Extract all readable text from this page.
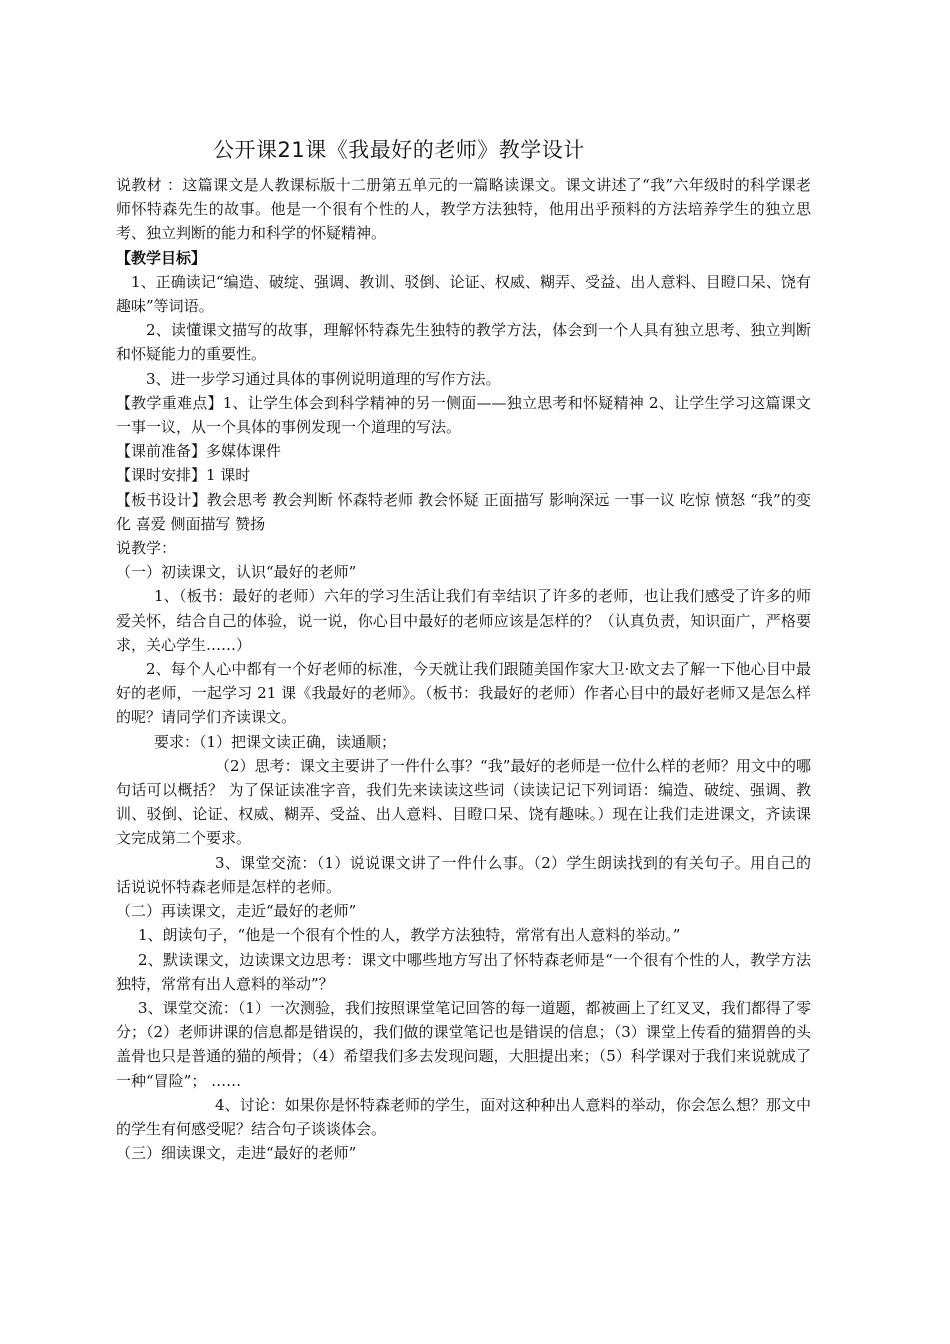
公开课21课《我最好的老师》教学设计

说教材 ：这篇课文是人教课标版十二册第五单元的一篇略读课文。课文讲述了“我”六年级时的科学课老师怀特森先生的故事。他是一个很有个性的人，教学方法独特，他用出乎预料的方法培养学生的独立思考、独立判断的能力和科学的怀疑精神。

【教学目标】

1、正确读记“编造、破绽、强调、教训、驳倒、论证、权威、糊弄、受益、出人意料、目瞪口呆、饶有趣味”等词语。

2、读懂课文描写的故事，理解怀特森先生独特的教学方法，体会到一个人具有独立思考、独立判断和怀疑能力的重要性。

3、进一步学习通过具体的事例说明道理的写作方法。

【教学重难点】1、让学生体会到科学精神的另一侧面——独立思考和怀疑精神 2、让学生学习这篇课文一事一议，从一个具体的事例发现一个道理的写法。

【课前准备】多媒体课件

【课时安排】1 课时

【板书设计】教会思考 教会判断 怀森特老师 教会怀疑 正面描写 影响深远 一事一议 吃惊 愤怒 “我”的变化 喜爱 侧面描写 赞扬

说教学：

（一）初读课文，认识“最好的老师”

1、（板书：最好的老师）六年的学习生活让我们有幸结识了许多的老师，也让我们感受了许多的师爱关怀，结合自己的体验，说一说，你心目中最好的老师应该是怎样的？（认真负责，知识面广，严格要求，关心学生……）

2、每个人心中都有一个好老师的标准，今天就让我们跟随美国作家大卫·欧文去了解一下他心目中最好的老师，一起学习 21 课《我最好的老师》。（板书：我最好的老师）作者心目中的最好老师又是怎么样的呢？请同学们齐读课文。

要求：（1）把课文读正确，读通顺；

（2）思考：课文主要讲了一件什么事？“我”最好的老师是一位什么样的老师？用文中的哪句话可以概括？ 为了保证读准字音，我们先来读读这些词（读读记记下列词语：编造、破绽、强调、教训、驳倒、论证、权威、糊弄、受益、出人意料、目瞪口呆、饶有趣味。）现在让我们走进课文，齐读课文完成第二个要求。

3、课堂交流：（1）说说课文讲了一件什么事。（2）学生朗读找到的有关句子。用自己的话说说怀特森老师是怎样的老师。

（二）再读课文，走近“最好的老师”

1、朗读句子，“他是一个很有个性的人，教学方法独特，常常有出人意料的举动。”

2、默读课文，边读课文边思考：课文中哪些地方写出了怀特森老师是“一个很有个性的人，教学方法独特，常常有出人意料的举动”？

3、课堂交流：（1）一次测验，我们按照课堂笔记回答的每一道题，都被画上了红叉叉，我们都得了零分；（2）老师讲课的信息都是错误的，我们做的课堂笔记也是错误的信息；（3）课堂上传看的猫猬兽的头盖骨也只是普通的猫的颅骨；（4）希望我们多去发现问题，大胆提出来；（5）科学课对于我们来说就成了一种“冒险”； ……

4、讨论：如果你是怀特森老师的学生，面对这种种出人意料的举动，你会怎么想？那文中的学生有何感受呢？结合句子谈谈体会。

（三）细读课文，走进“最好的老师”
